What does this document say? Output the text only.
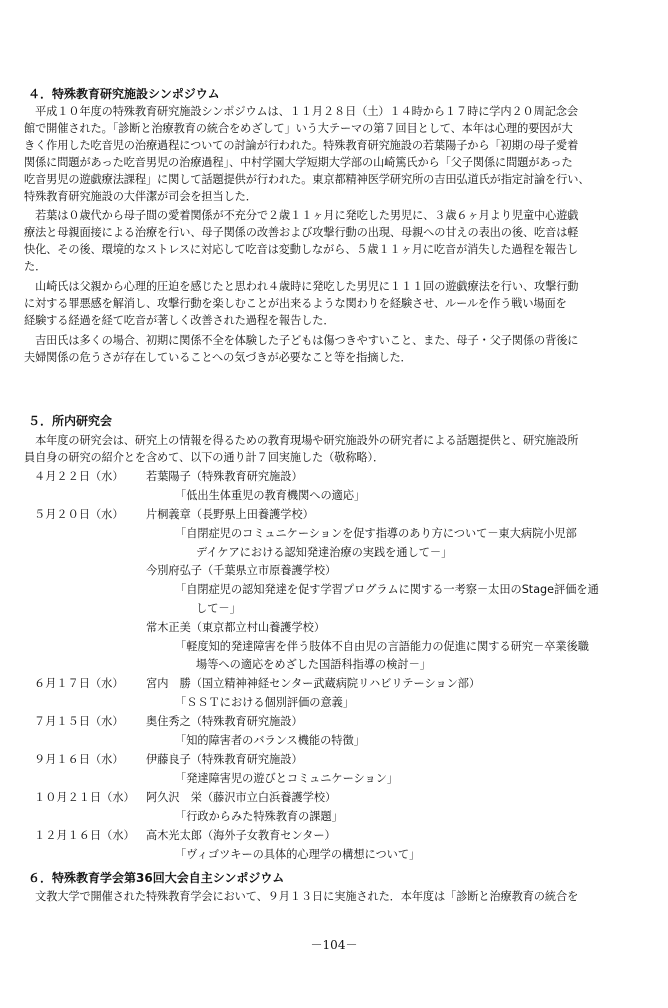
４．特殊教育研究施設シンポジウム
　平成１０年度の特殊教育研究施設シンポジウムは、１１月２８日（土）１４時から１７時に学内２０周記念会
館で開催された。「診断と治療教育の統合をめざして」いう大テーマの第７回目として、本年は心理的要因が大
きく作用した吃音児の治療過程についての討論が行われた。特殊教育研究施設の若葉陽子から「初期の母子愛着
関係に問題があった吃音男児の治療過程」、中村学園大学短期大学部の山崎篤氏から「父子関係に問題があった
吃音男児の遊戯療法課程」に関して話題提供が行われた。東京都精神医学研究所の吉田弘道氏が指定討論を行い、
特殊教育研究施設の大伴潔が司会を担当した．
　若葉は０歳代から母子間の愛着関係が不充分で２歳１１ヶ月に発吃した男児に、３歳６ヶ月より児童中心遊戯
療法と母親面接による治療を行い、母子関係の改善および攻撃行動の出現、母親への甘えの表出の後、吃音は軽
快化、その後、環境的なストレスに対応して吃音は変動しながら、５歳１１ヶ月に吃音が消失した過程を報告し
た．
　山崎氏は父親から心理的圧迫を感じたと思われ４歳時に発吃した男児に１１１回の遊戯療法を行い、攻撃行動
に対する罪悪感を解消し、攻撃行動を楽しむことが出来るような関わりを経験させ、ルールを作う戦い場面を
経験する経過を経て吃音が著しく改善された過程を報告した．
　吉田氏は多くの場合、初期に関係不全を体験した子どもは傷つきやすいこと、また、母子・父子関係の背後に
夫婦関係の危うさが存在していることへの気づきが必要なこと等を指摘した．
５．所内研究会
　本年度の研究会は、研究上の情報を得るための教育現場や研究施設外の研究者による話題提供と、研究施設所
員自身の研究の紹介とを含めて、以下の通り計７回実施した（敬称略）．
４月２２日（水） 若葉陽子（特殊教育研究施設）
「低出生体重児の教育機関への適応」
５月２０日（水） 片桐義章（長野県上田養護学校）
「自閉症児のコミュニケーションを促す指導のあり方について－東大病院小児部
デイケアにおける認知発達治療の実践を通して－」
今別府弘子（千葉県立市原養護学校）
「自閉症児の認知発達を促す学習プログラムに関する一考察－太田のStage評価を通
して－」
常木正美（東京都立村山養護学校）
「軽度知的発達障害を伴う肢体不自由児の言語能力の促進に関する研究－卒業後職
場等への適応をめざした国語科指導の検討－」
６月１７日（水） 宮内　勝（国立精神神経センター武蔵病院リハビリテーション部）
「ＳＳＴにおける個別評価の意義」
７月１５日（水） 奥住秀之（特殊教育研究施設）
「知的障害者のバランス機能の特徴」
９月１６日（水） 伊藤良子（特殊教育研究施設）
「発達障害児の遊びとコミュニケーション」
１０月２１日（水） 阿久沢　栄（藤沢市立白浜養護学校）
「行政からみた特殊教育の課題」
１２月１６日（水） 高木光太郎（海外子女教育センター）
「ヴィゴツキーの具体的心理学の構想について」
６．特殊教育学会第36回大会自主シンポジウム
　文教大学で開催された特殊教育学会において、９月１３日に実施された．本年度は「診断と治療教育の統合を
－104－
